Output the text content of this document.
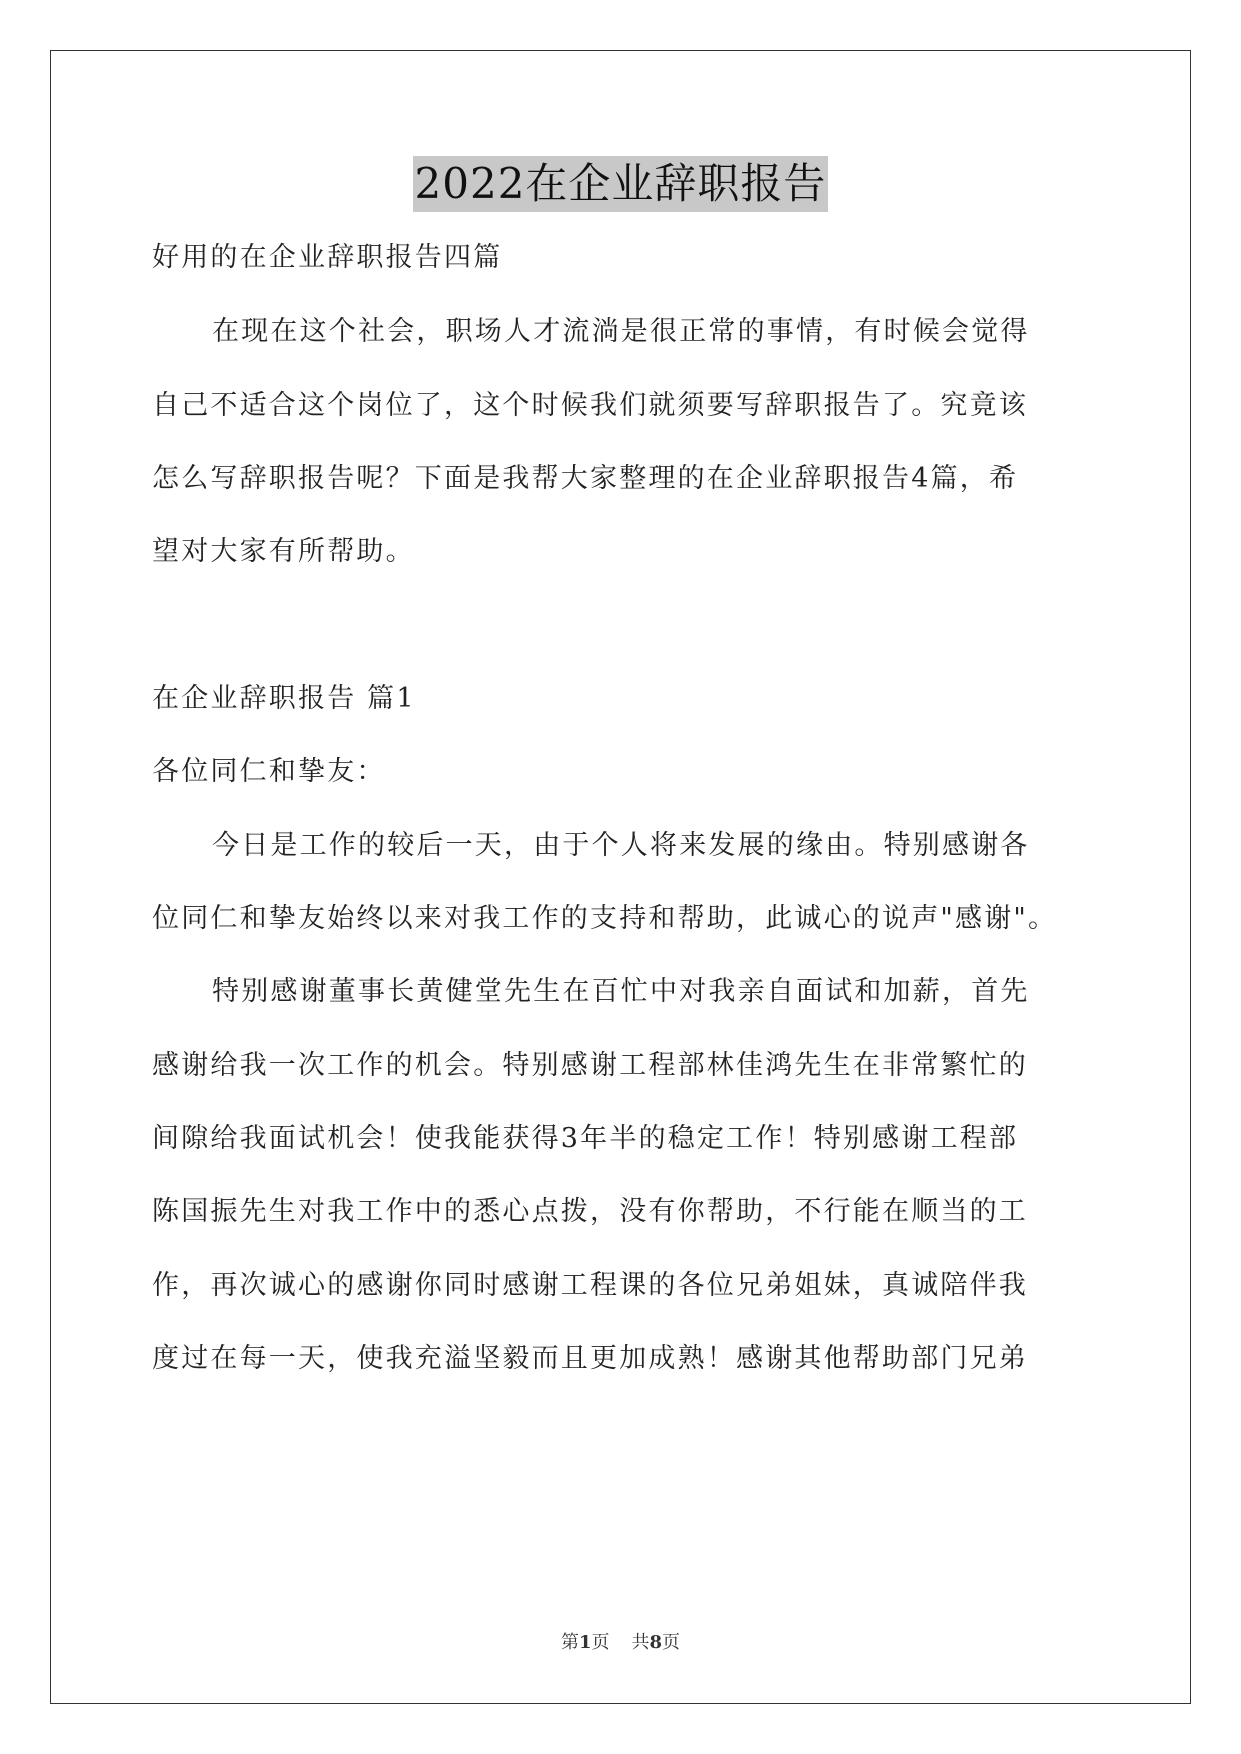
2022在企业辞职报告
好用的在企业辞职报告四篇
在现在这个社会，职场人才流淌是很正常的事情，有时候会觉得
自己不适合这个岗位了，这个时候我们就须要写辞职报告了。究竟该
怎么写辞职报告呢？下面是我帮大家整理的在企业辞职报告4篇，希
望对大家有所帮助。
在企业辞职报告 篇1
各位同仁和挚友：
今日是工作的较后一天，由于个人将来发展的缘由。特别感谢各
位同仁和挚友始终以来对我工作的支持和帮助，此诚心的说声"感谢"。
特别感谢董事长黄健堂先生在百忙中对我亲自面试和加薪，首先
感谢给我一次工作的机会。特别感谢工程部林佳鸿先生在非常繁忙的
间隙给我面试机会！使我能获得3年半的稳定工作！特别感谢工程部
陈国振先生对我工作中的悉心点拨，没有你帮助，不行能在顺当的工
作，再次诚心的感谢你同时感谢工程课的各位兄弟姐妹，真诚陪伴我
度过在每一天，使我充溢坚毅而且更加成熟！感谢其他帮助部门兄弟
第1页 共8页
